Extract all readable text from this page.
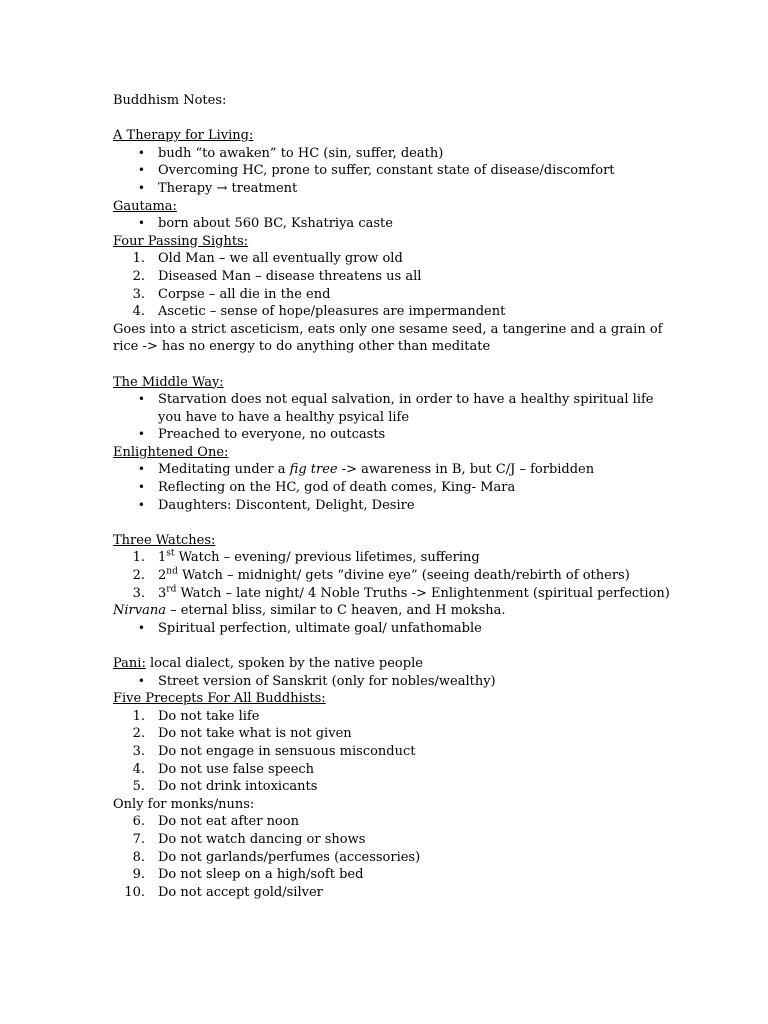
Buddhism Notes:
A Therapy for Living:
• budh “to awaken” to HC (sin, suffer, death)
• Overcoming HC, prone to suffer, constant state of disease/discomfort
• Therapy → treatment
Gautama:
• born about 560 BC, Kshatriya caste
Four Passing Sights:
1. Old Man – we all eventually grow old
2. Diseased Man – disease threatens us all
3. Corpse – all die in the end
4. Ascetic – sense of hope/pleasures are impermandent
Goes into a strict asceticism, eats only one sesame seed, a tangerine and a grain of
rice -> has no energy to do anything other than meditate
The Middle Way:
• Starvation does not equal salvation, in order to have a healthy spiritual life
you have to have a healthy psyical life
• Preached to everyone, no outcasts
Enlightened One:
• Meditating under a fig tree -> awareness in B, but C/J – forbidden
• Reflecting on the HC, god of death comes, King- Mara
• Daughters: Discontent, Delight, Desire
Three Watches:
1. 1st Watch – evening/ previous lifetimes, suffering
2. 2nd Watch – midnight/ gets “divine eye” (seeing death/rebirth of others)
3. 3rd Watch – late night/ 4 Noble Truths -> Enlightenment (spiritual perfection)
Nirvana – eternal bliss, similar to C heaven, and H moksha.
• Spiritual perfection, ultimate goal/ unfathomable
Pani: local dialect, spoken by the native people
• Street version of Sanskrit (only for nobles/wealthy)
Five Precepts For All Buddhists:
1. Do not take life
2. Do not take what is not given
3. Do not engage in sensuous misconduct
4. Do not use false speech
5. Do not drink intoxicants
Only for monks/nuns:
6. Do not eat after noon
7. Do not watch dancing or shows
8. Do not garlands/perfumes (accessories)
9. Do not sleep on a high/soft bed
10. Do not accept gold/silver
